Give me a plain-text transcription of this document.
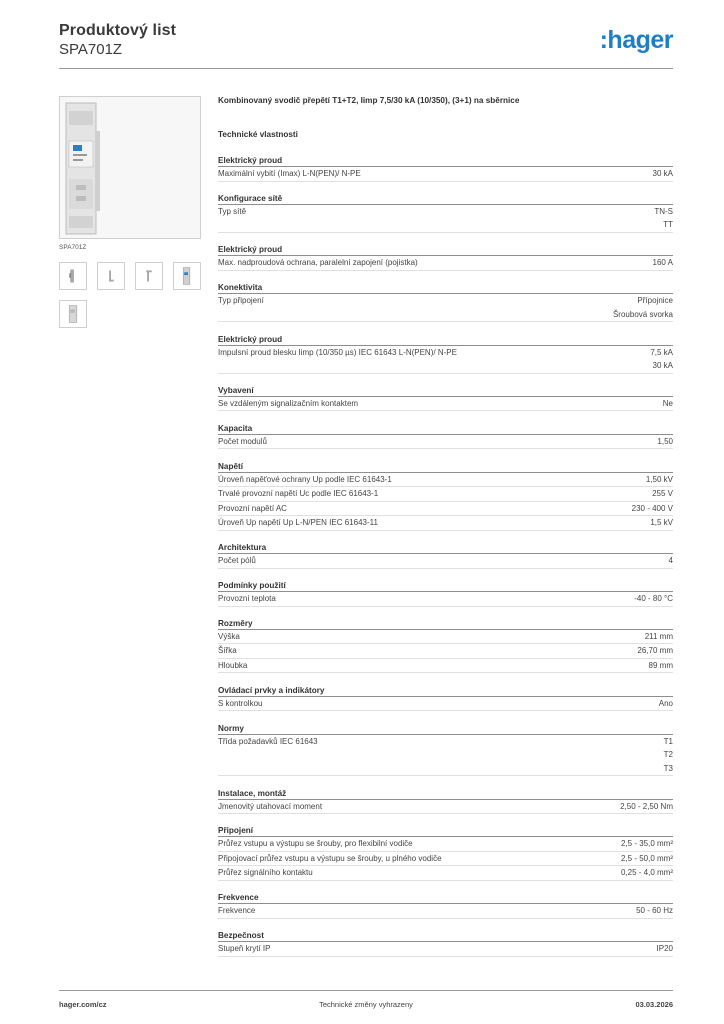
Produktový list
SPA701Z	:hager
SPA701Z
Kombinovaný svodič přepětí T1+T2, Iimp 7,5/30 kA (10/350), (3+1) na sběrnice
Technické vlastnosti
Elektrický proud
Maximální vybití (Imax) L-N(PEN)/ N-PE	30 kA
Konfigurace sítě
Typ sítě	TN-S
TT
Elektrický proud
Max. nadproudová ochrana, paralelní zapojení (pojistka)	160 A
Konektivita
Typ připojení	Přípojnice
Šroubová svorka
Elektrický proud
Impulsní proud blesku Iimp (10/350 µs) IEC 61643 L-N(PEN)/ N-PE	7,5 kA
30 kA
Vybavení
Se vzdáleným signalizačním kontaktem	Ne
Kapacita
Počet modulů	1,50
Napětí
Úroveň napěťové ochrany Up podle IEC 61643-1	1,50 kV
Trvalé provozní napětí Uc podle IEC 61643-1	255 V
Provozní napětí AC	230 - 400 V
Úroveň Up napětí Up L-N/PEN IEC 61643-11	1,5 kV
Architektura
Počet pólů	4
Podmínky použití
Provozní teplota	-40 - 80 °C
Rozměry
Výška	211 mm
Šířka	26,70 mm
Hloubka	89 mm
Ovládací prvky a indikátory
S kontrolkou	Ano
Normy
Třída požadavků IEC 61643	T1
T2
T3
Instalace, montáž
Jmenovitý utahovací moment	2,50 - 2,50 Nm
Připojení
Průřez vstupu a výstupu se šrouby, pro flexibilní vodiče	2,5 - 35,0 mm²
Připojovací průřez vstupu a výstupu se šrouby, u plného vodiče	2,5 - 50,0 mm²
Průřez signálního kontaktu	0,25 - 4,0 mm²
Frekvence
Frekvence	50 - 60 Hz
Bezpečnost
Stupeň krytí IP	IP20
hager.com/cz	Technické změny vyhrazeny	03.03.2026
